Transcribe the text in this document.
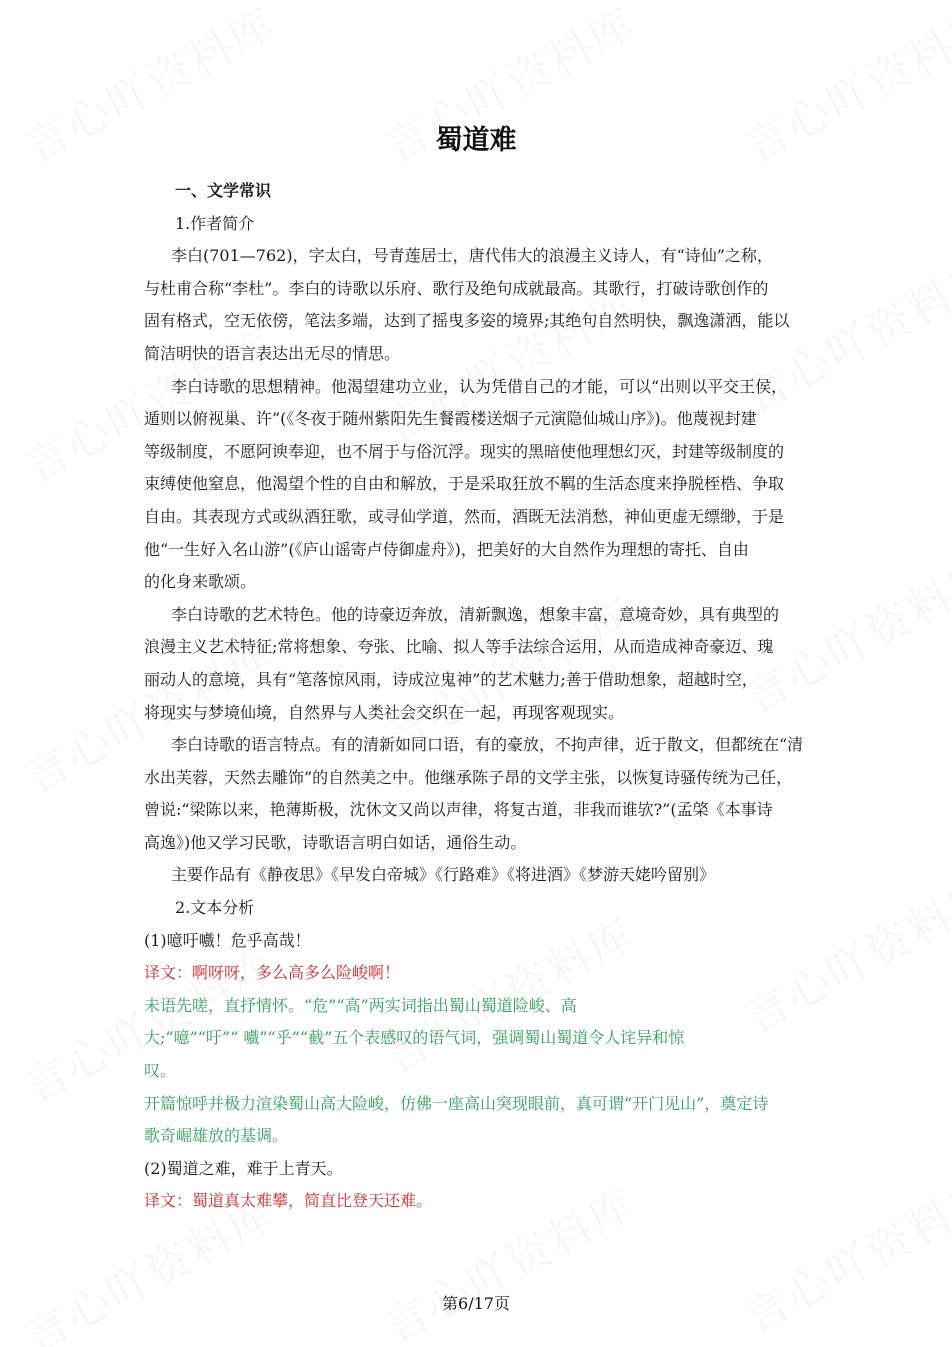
蜀道难
一、文学常识
1.作者简介
李白(701—762)，字太白，号青莲居士，唐代伟大的浪漫主义诗人，有“诗仙”之称，
与杜甫合称“李杜”。李白的诗歌以乐府、歌行及绝句成就最高。其歌行，打破诗歌创作的
固有格式，空无依傍，笔法多端，达到了摇曳多姿的境界;其绝句自然明快，飘逸潇洒，能以
简洁明快的语言表达出无尽的情思。
李白诗歌的思想精神。他渴望建功立业，认为凭借自己的才能，可以“出则以平交王侯，
遁则以俯视巢、许”(《冬夜于随州紫阳先生餐霞楼送烟子元演隐仙城山序》)。他蔑视封建
等级制度，不愿阿谀奉迎，也不屑于与俗沉浮。现实的黑暗使他理想幻灭，封建等级制度的
束缚使他窒息，他渴望个性的自由和解放，于是采取狂放不羁的生活态度来挣脱桎梏、争取
自由。其表现方式或纵酒狂歌，或寻仙学道，然而，酒既无法消愁，神仙更虚无缥缈，于是
他“一生好入名山游”(《庐山谣寄卢侍御虚舟》)，把美好的大自然作为理想的寄托、自由
的化身来歌颂。
李白诗歌的艺术特色。他的诗豪迈奔放，清新飘逸，想象丰富，意境奇妙，具有典型的
浪漫主义艺术特征;常将想象、夸张、比喻、拟人等手法综合运用，从而造成神奇豪迈、瑰
丽动人的意境，具有“笔落惊风雨，诗成泣鬼神”的艺术魅力;善于借助想象，超越时空，
将现实与梦境仙境，自然界与人类社会交织在一起，再现客观现实。
李白诗歌的语言特点。有的清新如同口语，有的豪放，不拘声律，近于散文，但都统在“清
水出芙蓉，天然去雕饰”的自然美之中。他继承陈子昂的文学主张，以恢复诗骚传统为己任，
曾说:“梁陈以来，艳薄斯极，沈休文又尚以声律，将复古道，非我而谁欤?”(孟棨《本事诗
高逸》)他又学习民歌，诗歌语言明白如话，通俗生动。
主要作品有《静夜思》《早发白帝城》《行路难》《将进酒》《梦游天姥吟留别》
2.文本分析
(1)噫吁嚱！危乎高哉！
译文：啊呀呀，多么高多么险峻啊！
未语先嗟，直抒情怀。“危”“高”两实词指出蜀山蜀道险峻、高
大;“噫”“吁”“ 嚱”“乎”“截”五个表感叹的语气词，强调蜀山蜀道令人诧异和惊
叹。
开篇惊呼并极力渲染蜀山高大险峻，仿佛一座高山突现眼前，真可谓“开门见山”，奠定诗
歌奇崛雄放的基调。
(2)蜀道之难，难于上青天。
译文：蜀道真太难攀，简直比登天还难。
第6/17页
